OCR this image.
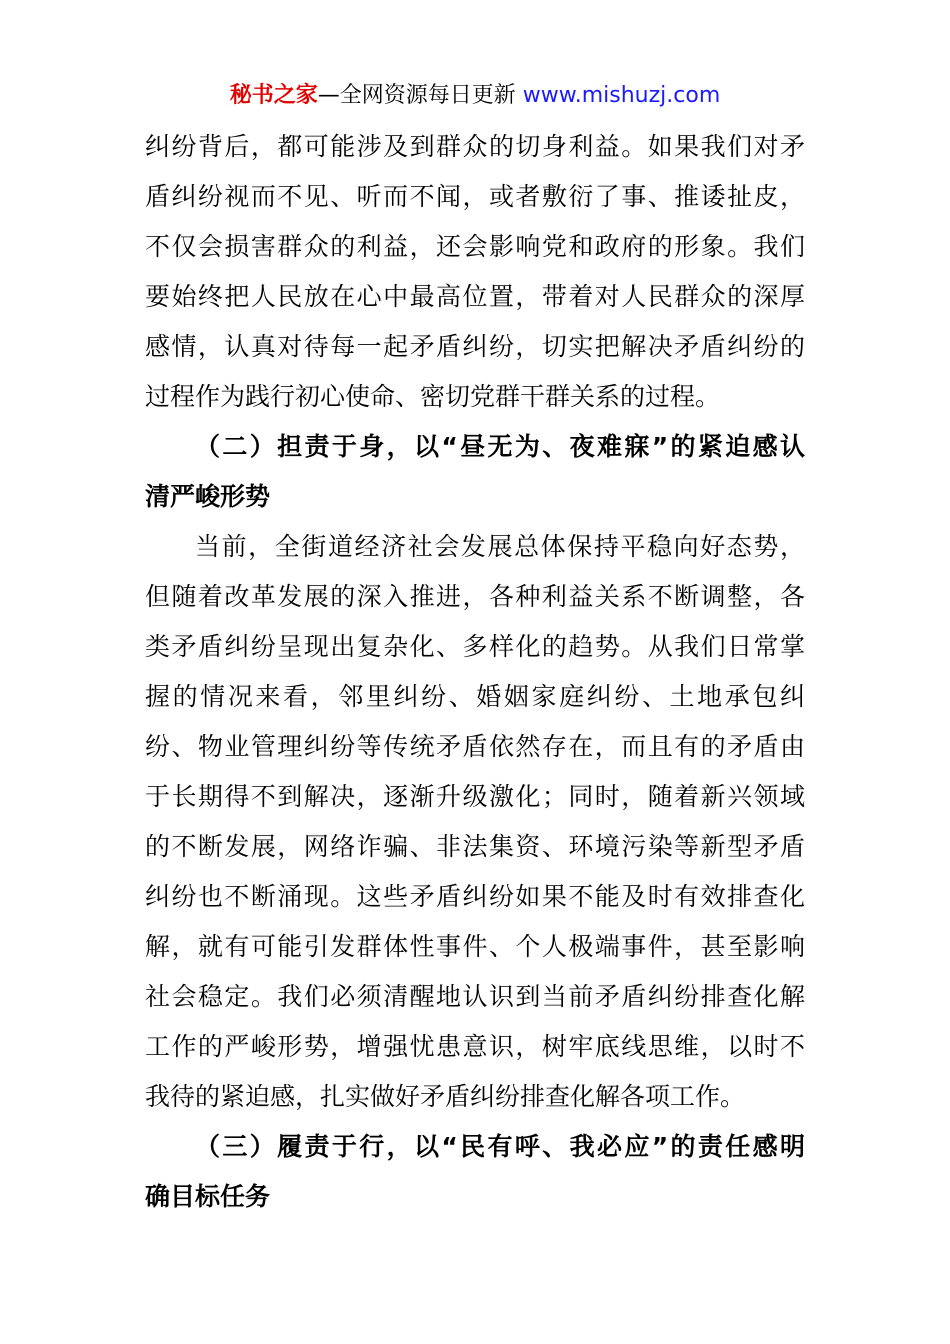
秘书之家—全网资源每日更新 www.mishuzj.com
纠纷背后，都可能涉及到群众的切身利益。如果我们对矛
盾纠纷视而不见、听而不闻，或者敷衍了事、推诿扯皮，
不仅会损害群众的利益，还会影响党和政府的形象。我们
要始终把人民放在心中最高位置，带着对人民群众的深厚
感情，认真对待每一起矛盾纠纷，切实把解决矛盾纠纷的
过程作为践行初心使命、密切党群干群关系的过程。
（二）担责于身，以“昼无为、夜难寐”的紧迫感认
清严峻形势
当前，全街道经济社会发展总体保持平稳向好态势，
但随着改革发展的深入推进，各种利益关系不断调整，各
类矛盾纠纷呈现出复杂化、多样化的趋势。从我们日常掌
握的情况来看，邻里纠纷、婚姻家庭纠纷、土地承包纠
纷、物业管理纠纷等传统矛盾依然存在，而且有的矛盾由
于长期得不到解决，逐渐升级激化；同时，随着新兴领域
的不断发展，网络诈骗、非法集资、环境污染等新型矛盾
纠纷也不断涌现。这些矛盾纠纷如果不能及时有效排查化
解，就有可能引发群体性事件、个人极端事件，甚至影响
社会稳定。我们必须清醒地认识到当前矛盾纠纷排查化解
工作的严峻形势，增强忧患意识，树牢底线思维，以时不
我待的紧迫感，扎实做好矛盾纠纷排查化解各项工作。
（三）履责于行，以“民有呼、我必应”的责任感明
确目标任务
